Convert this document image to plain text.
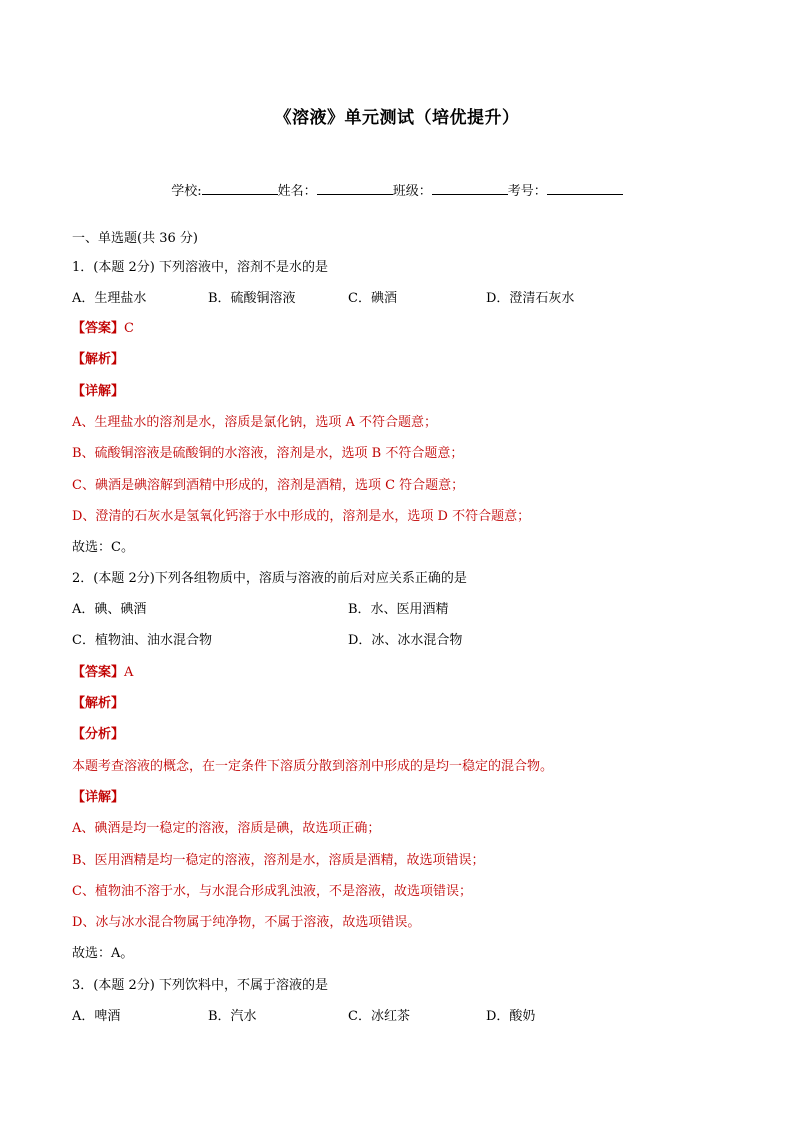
《溶液》单元测试（培优提升）
学校:	姓名：	班级：	考号：
一、单选题(共 36 分)
1．(本题 2分) 下列溶液中，溶剂不是水的是
A．生理盐水	B．硫酸铜溶液	C．碘酒	D．澄清石灰水
【答案】C
【解析】
【详解】
A、生理盐水的溶剂是水，溶质是氯化钠，选项 A 不符合题意；
B、硫酸铜溶液是硫酸铜的水溶液，溶剂是水，选项 B 不符合题意；
C、碘酒是碘溶解到酒精中形成的，溶剂是酒精，选项 C 符合题意；
D、澄清的石灰水是氢氧化钙溶于水中形成的，溶剂是水，选项 D 不符合题意；
故选：C。
2．(本题 2分)下列各组物质中，溶质与溶液的前后对应关系正确的是
A．碘、碘酒	B．水、医用酒精
C．植物油、油水混合物	D．冰、冰水混合物
【答案】A
【解析】
【分析】
本题考查溶液的概念，在一定条件下溶质分散到溶剂中形成的是均一稳定的混合物。
【详解】
A、碘酒是均一稳定的溶液，溶质是碘，故选项正确；
B、医用酒精是均一稳定的溶液，溶剂是水，溶质是酒精，故选项错误；
C、植物油不溶于水，与水混合形成乳浊液，不是溶液，故选项错误；
D、冰与冰水混合物属于纯净物，不属于溶液，故选项错误。
故选：A。
3．(本题 2分) 下列饮料中，不属于溶液的是
A．啤酒	B．汽水	C．冰红茶	D．酸奶
